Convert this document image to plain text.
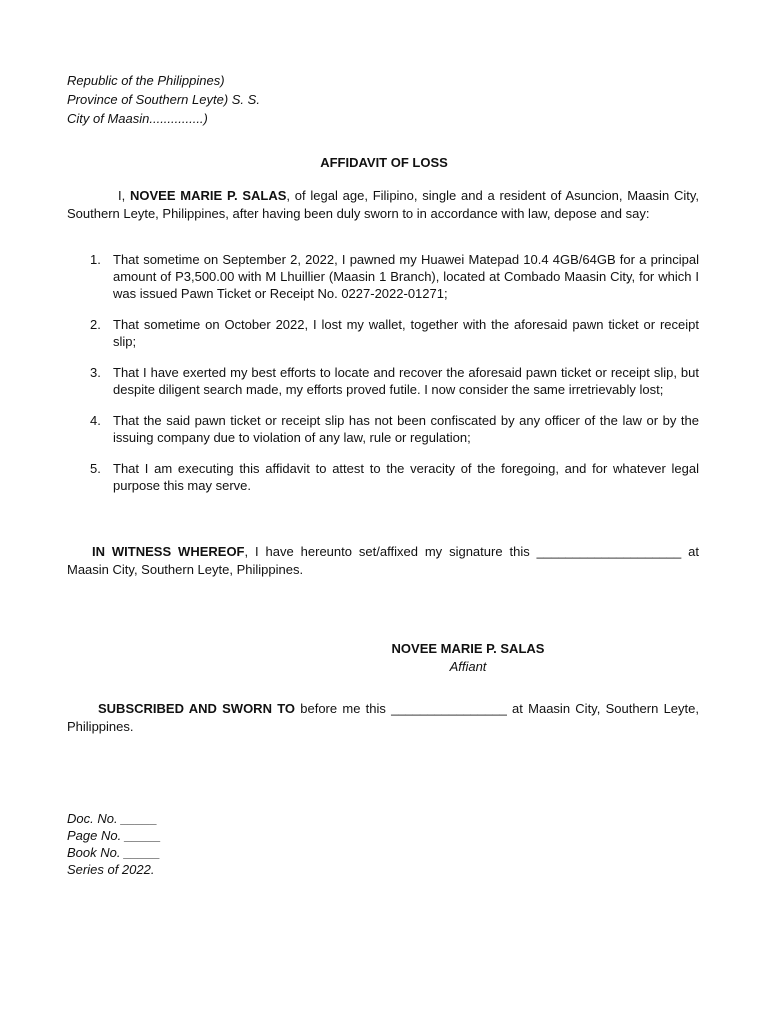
Republic of the Philippines)
Province of Southern Leyte) S. S.
City of Maasin...............)
AFFIDAVIT OF LOSS
I, NOVEE MARIE P. SALAS, of legal age, Filipino, single and a resident of Asuncion, Maasin City, Southern Leyte, Philippines, after having been duly sworn to in accordance with law, depose and say:
1. That sometime on September 2, 2022, I pawned my Huawei Matepad 10.4 4GB/64GB for a principal amount of P3,500.00 with M Lhuillier (Maasin 1 Branch), located at Combado Maasin City, for which I was issued Pawn Ticket or Receipt No. 0227-2022-01271;
2. That sometime on October 2022, I lost my wallet, together with the aforesaid pawn ticket or receipt slip;
3. That I have exerted my best efforts to locate and recover the aforesaid pawn ticket or receipt slip, but despite diligent search made, my efforts proved futile. I now consider the same irretrievably lost;
4. That the said pawn ticket or receipt slip has not been confiscated by any officer of the law or by the issuing company due to violation of any law, rule or regulation;
5. That I am executing this affidavit to attest to the veracity of the foregoing, and for whatever legal purpose this may serve.
IN WITNESS WHEREOF, I have hereunto set/affixed my signature this ____________________ at Maasin City, Southern Leyte, Philippines.
NOVEE MARIE P. SALAS
Affiant
SUBSCRIBED AND SWORN TO before me this ________________ at Maasin City, Southern Leyte, Philippines.
Doc. No. _____
Page No. _____
Book No. _____
Series of 2022.
